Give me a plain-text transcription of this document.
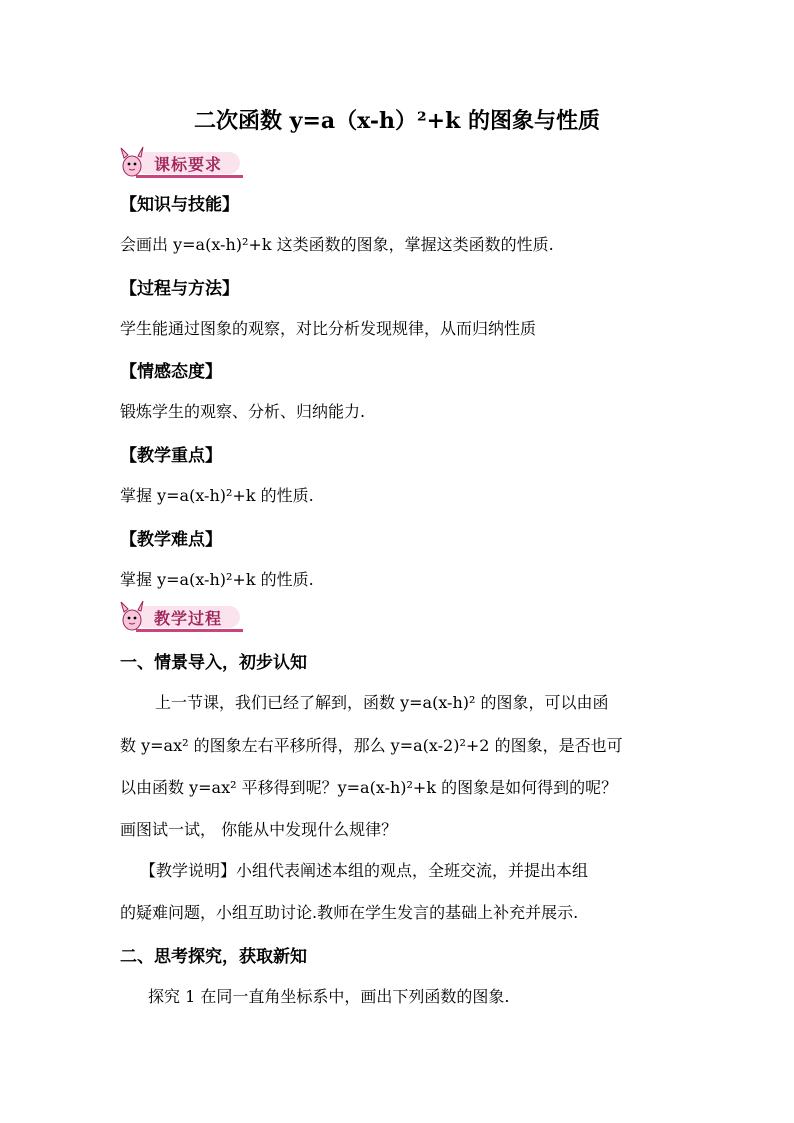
二次函数 y=a（x-h）²+k 的图象与性质
课标要求
【知识与技能】
会画出 y=a(x-h)²+k 这类函数的图象，掌握这类函数的性质.
【过程与方法】
学生能通过图象的观察，对比分析发现规律，从而归纳性质
【情感态度】
锻炼学生的观察、分析、归纳能力.
【教学重点】
掌握 y=a(x-h)²+k 的性质.
【教学难点】
掌握 y=a(x-h)²+k 的性质.
教学过程
一、情景导入，初步认知
上一节课，我们已经了解到，函数 y=a(x-h)² 的图象，可以由函
数 y=ax² 的图象左右平移所得，那么 y=a(x-2)²+2 的图象，是否也可
以由函数 y=ax² 平移得到呢？y=a(x-h)²+k 的图象是如何得到的呢？
画图试一试， 你能从中发现什么规律？
【教学说明】小组代表阐述本组的观点，全班交流，并提出本组
的疑难问题，小组互助讨论.教师在学生发言的基础上补充并展示.
二、思考探究，获取新知
探究 1 在同一直角坐标系中，画出下列函数的图象.
